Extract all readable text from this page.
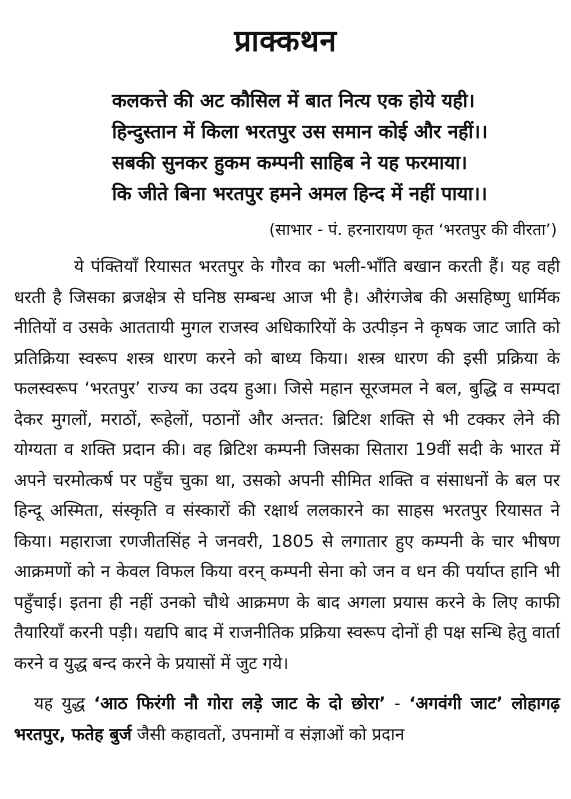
प्राक्कथन
कलकत्ते की अट कौसिल में बात नित्य एक होये यही।
हिन्दुस्तान में किला भरतपुर उस समान कोई और नहीं।।
सबकी सुनकर हुकम कम्पनी साहिब ने यह फरमाया।
कि जीते बिना भरतपुर हमने अमल हिन्द में नहीं पाया।।
(साभार - पं. हरनारायण कृत ‘भरतपुर की वीरता’)

ये पंक्तियाँ रियासत भरतपुर के गौरव का भली-भाँति बखान करती हैं। यह वही धरती है जिसका ब्रजक्षेत्र से घनिष्ठ सम्बन्ध आज भी है। औरंगजेब की असहिष्णु धार्मिक नीतियों व उसके आततायी मुगल राजस्व अधिकारियों के उत्पीड़न ने कृषक जाट जाति को प्रतिक्रिया स्वरूप शस्त्र धारण करने को बाध्य किया। शस्त्र धारण की इसी प्रक्रिया के फलस्वरूप ‘भरतपुर’ राज्य का उदय हुआ। जिसे महान सूरजमल ने बल, बुद्धि व सम्पदा देकर मुगलों, मराठों, रूहेलों, पठानों और अन्तत: ब्रिटिश शक्ति से भी टक्कर लेने की योग्यता व शक्ति प्रदान की। वह ब्रिटिश कम्पनी जिसका सितारा 19वीं सदी के भारत में अपने चरमोत्कर्ष पर पहुँच चुका था, उसको अपनी सीमित शक्ति व संसाधनों के बल पर हिन्दू अस्मिता, संस्कृति व संस्कारों की रक्षार्थ ललकारने का साहस भरतपुर रियासत ने किया। महाराजा रणजीतसिंह ने जनवरी, 1805 से लगातार हुए कम्पनी के चार भीषण आक्रमणों को न केवल विफल किया वरन् कम्पनी सेना को जन व धन की पर्याप्त हानि भी पहुँचाई। इतना ही नहीं उनको चौथे आक्रमण के बाद अगला प्रयास करने के लिए काफी तैयारियाँ करनी पड़ी। यद्यपि बाद में राजनीतिक प्रक्रिया स्वरूप दोनों ही पक्ष सन्धि हेतु वार्ता करने व युद्ध बन्द करने के प्रयासों में जुट गये।

यह युद्ध ‘आठ फिरंगी नौ गोरा लड़े जाट के दो छोरा’ - ‘अगवंगी जाट’ लोहागढ़ भरतपुर, फतेह बुर्ज जैसी कहावतों, उपनामों व संज्ञाओं को प्रदान
